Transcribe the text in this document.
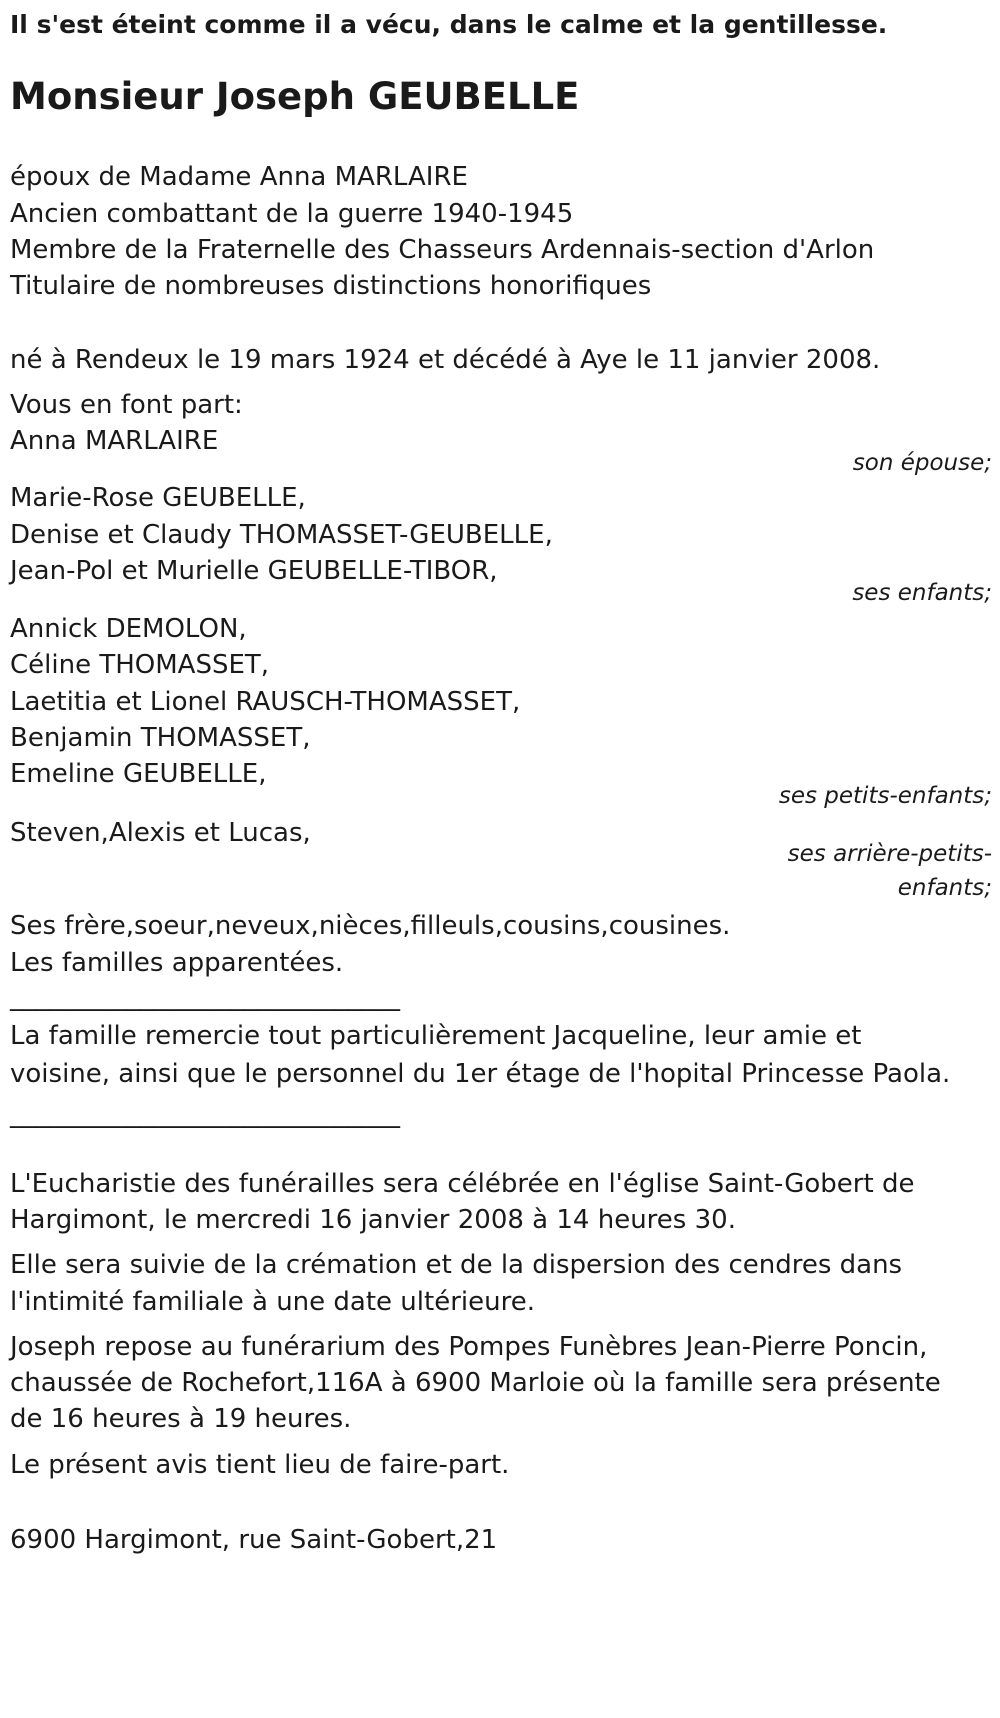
Il s'est éteint comme il a vécu, dans le calme et la gentillesse.

Monsieur Joseph GEUBELLE

époux de Madame Anna MARLAIRE

Ancien combattant de la guerre 1940-1945

Membre de la Fraternelle des Chasseurs Ardennais-section d'Arlon

Titulaire de nombreuses distinctions honorifiques

né à Rendeux le 19 mars 1924 et décédé à Aye le 11 janvier 2008.

Vous en font part:

Anna MARLAIRE

son épouse;

Marie-Rose GEUBELLE,

Denise et Claudy THOMASSET-GEUBELLE,

Jean-Pol et Murielle GEUBELLE-TIBOR,

ses enfants;

Annick DEMOLON,

Céline THOMASSET,

Laetitia et Lionel RAUSCH-THOMASSET,

Benjamin THOMASSET,

Emeline GEUBELLE,

ses petits-enfants;

Steven,Alexis et Lucas,

ses arrière-petits-

enfants;

Ses frère,soeur,neveux,nièces,filleuls,cousins,cousines.

Les familles apparentées.

______________________________

La famille remercie tout particulièrement Jacqueline, leur amie et

voisine, ainsi que le personnel du 1er étage de l'hopital Princesse Paola.

______________________________

L'Eucharistie des funérailles sera célébrée en l'église Saint-Gobert de

Hargimont, le mercredi 16 janvier 2008 à 14 heures 30.

Elle sera suivie de la crémation et de la dispersion des cendres dans

l'intimité familiale à une date ultérieure.

Joseph repose au funérarium des Pompes Funèbres Jean-Pierre Poncin,

chaussée de Rochefort,116A à 6900 Marloie où la famille sera présente

de 16 heures à 19 heures.

Le présent avis tient lieu de faire-part.

6900 Hargimont, rue Saint-Gobert,21
